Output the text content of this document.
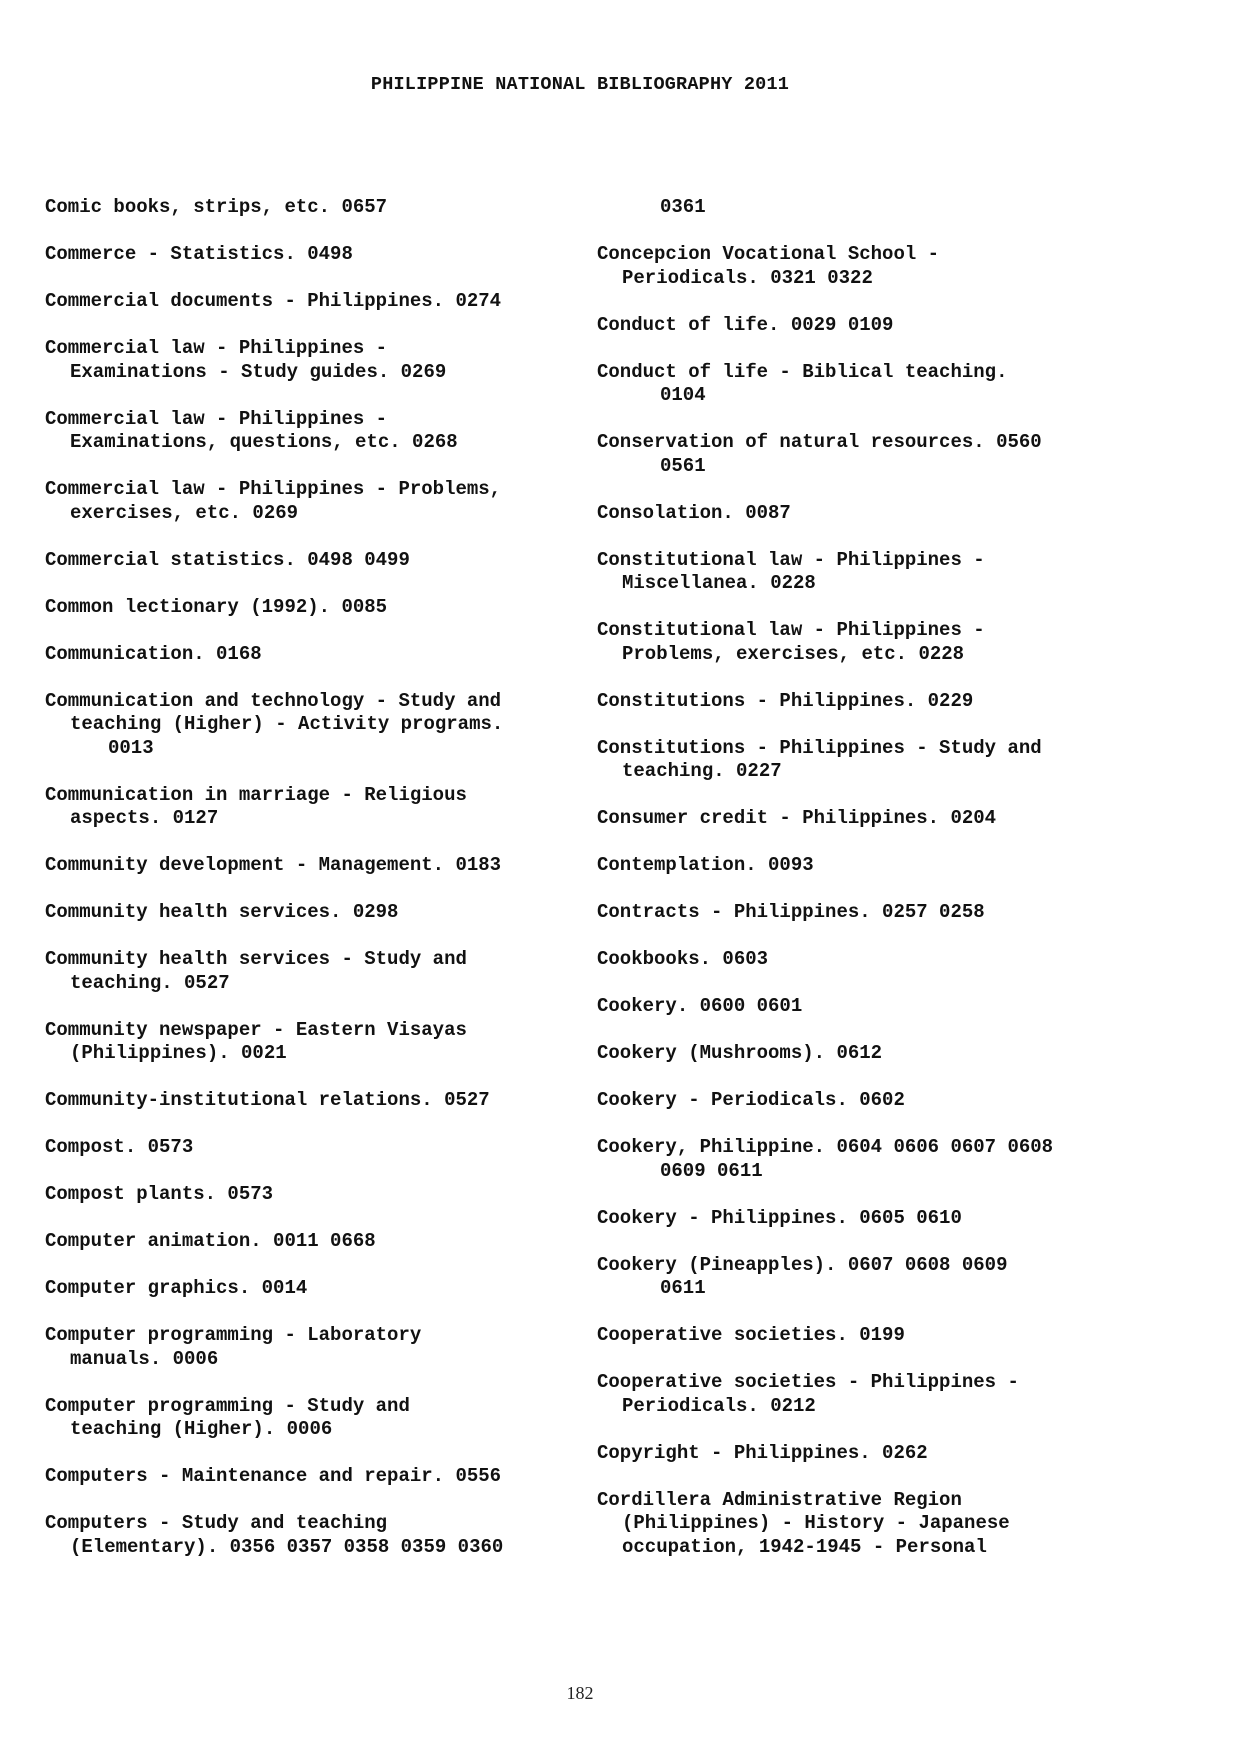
PHILIPPINE NATIONAL BIBLIOGRAPHY 2011
Comic books, strips, etc. 0657
Commerce - Statistics. 0498
Commercial documents - Philippines. 0274
Commercial law - Philippines -
Examinations - Study guides. 0269
Commercial law - Philippines -
Examinations, questions, etc. 0268
Commercial law - Philippines - Problems,
exercises, etc. 0269
Commercial statistics. 0498 0499
Common lectionary (1992). 0085
Communication. 0168
Communication and technology - Study and
teaching (Higher) - Activity programs.
0013
Communication in marriage - Religious
aspects. 0127
Community development - Management. 0183
Community health services. 0298
Community health services - Study and
teaching. 0527
Community newspaper - Eastern Visayas
(Philippines). 0021
Community-institutional relations. 0527
Compost. 0573
Compost plants. 0573
Computer animation. 0011 0668
Computer graphics. 0014
Computer programming - Laboratory
manuals. 0006
Computer programming - Study and
teaching (Higher). 0006
Computers - Maintenance and repair. 0556
Computers - Study and teaching
(Elementary). 0356 0357 0358 0359 0360
0361
Concepcion Vocational School -
Periodicals. 0321 0322
Conduct of life. 0029 0109
Conduct of life - Biblical teaching.
0104
Conservation of natural resources. 0560
0561
Consolation. 0087
Constitutional law - Philippines -
Miscellanea. 0228
Constitutional law - Philippines -
Problems, exercises, etc. 0228
Constitutions - Philippines. 0229
Constitutions - Philippines - Study and
teaching. 0227
Consumer credit - Philippines. 0204
Contemplation. 0093
Contracts - Philippines. 0257 0258
Cookbooks. 0603
Cookery. 0600 0601
Cookery (Mushrooms). 0612
Cookery - Periodicals. 0602
Cookery, Philippine. 0604 0606 0607 0608
0609 0611
Cookery - Philippines. 0605 0610
Cookery (Pineapples). 0607 0608 0609
0611
Cooperative societies. 0199
Cooperative societies - Philippines -
Periodicals. 0212
Copyright - Philippines. 0262
Cordillera Administrative Region
(Philippines) - History - Japanese
occupation, 1942-1945 - Personal
182
